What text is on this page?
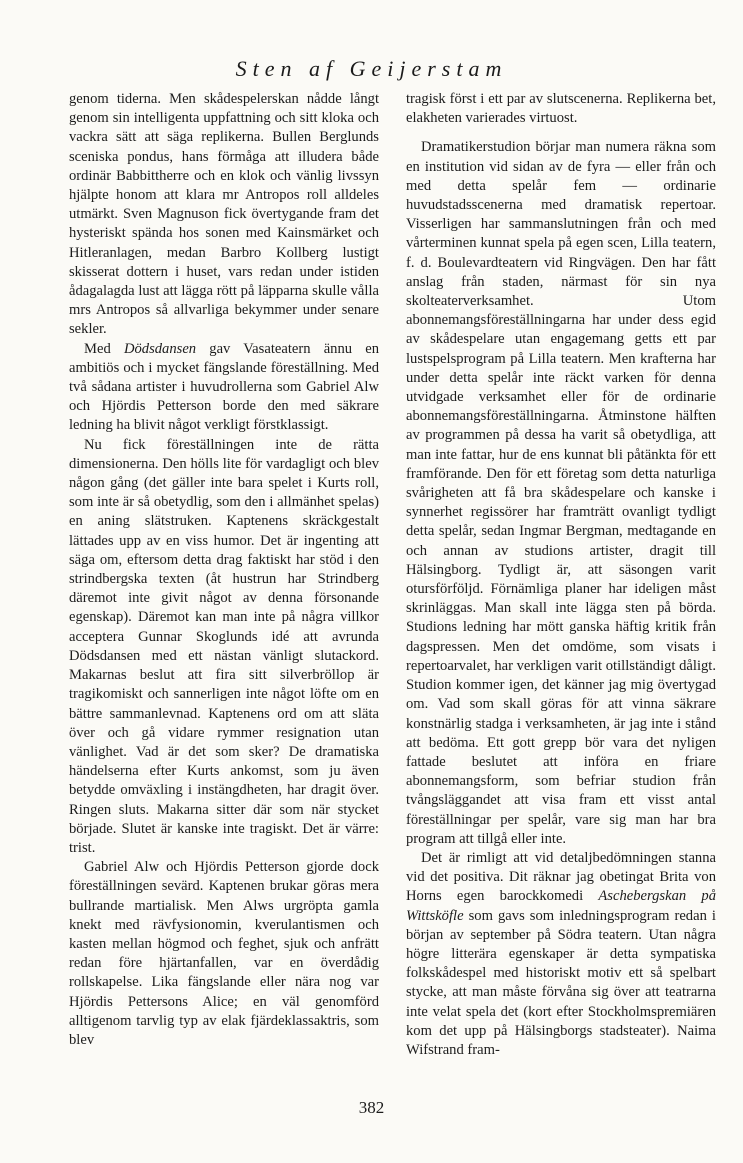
Sten af Geijerstam

genom tiderna. Men skådespelerskan nådde långt genom sin intelligenta uppfattning och sitt kloka och vackra sätt att säga replikerna. Bullen Berglunds sceniska pondus, hans förmåga att illudera både ordinär Babbittherre och en klok och vänlig livssyn hjälpte honom att klara mr Antropos roll alldeles utmärkt. Sven Magnuson fick övertygande fram det hysteriskt spända hos sonen med Kainsmärket och Hitleranlagen, medan Barbro Kollberg lustigt skisserat dottern i huset, vars redan under istiden ådagalagda lust att lägga rött på läpparna skulle vålla mrs Antropos så allvarliga bekymmer under senare sekler.

Med Dödsdansen gav Vasateatern ännu en ambitiös och i mycket fängslande föreställning. Med två sådana artister i huvudrollerna som Gabriel Alw och Hjördis Petterson borde den med säkrare ledning ha blivit något verkligt förstklassigt.

Nu fick föreställningen inte de rätta dimensionerna. Den hölls lite för vardagligt och blev någon gång (det gäller inte bara spelet i Kurts roll, som inte är så obetydlig, som den i allmänhet spelas) en aning slätstruken. Kaptenens skräckgestalt lättades upp av en viss humor. Det är ingenting att säga om, eftersom detta drag faktiskt har stöd i den strindbergska texten (åt hustrun har Strindberg däremot inte givit något av denna försonande egenskap). Däremot kan man inte på några villkor acceptera Gunnar Skoglunds idé att avrunda Dödsdansen med ett nästan vänligt slutackord. Makarnas beslut att fira sitt silverbröllop är tragikomiskt och sannerligen inte något löfte om en bättre sammanlevnad. Kaptenens ord om att släta över och gå vidare rymmer resignation utan vänlighet. Vad är det som sker? De dramatiska händelserna efter Kurts ankomst, som ju även betydde omväxling i instängdheten, har dragit över. Ringen sluts. Makarna sitter där som när stycket började. Slutet är kanske inte tragiskt. Det är värre: trist.

Gabriel Alw och Hjördis Petterson gjorde dock föreställningen sevärd. Kaptenen brukar göras mera bullrande martialisk. Men Alws urgröpta gamla knekt med rävfysionomin, kverulantismen och kasten mellan högmod och feghet, sjuk och anfrätt redan före hjärtanfallen, var en överdådig rollskapelse. Lika fängslande eller nära nog var Hjördis Pettersons Alice; en väl genomförd alltigenom tarvlig typ av elak fjärdeklassaktris, som blev

tragisk först i ett par av slutscenerna. Replikerna bet, elakheten varierades virtuost.

Dramatikerstudion börjar man numera räkna som en institution vid sidan av de fyra — eller från och med detta spelår fem — ordinarie huvudstadsscenerna med dramatisk repertoar. Visserligen har sammanslutningen från och med vårterminen kunnat spela på egen scen, Lilla teatern, f. d. Boulevardteatern vid Ringvägen. Den har fått anslag från staden, närmast för sin nya skolteaterverksamhet. Utom abonnemangsföreställningarna har under dess egid av skådespelare utan engagemang getts ett par lustspelsprogram på Lilla teatern. Men krafterna har under detta spelår inte räckt varken för denna utvidgade verksamhet eller för de ordinarie abonnemangsföreställningarna. Åtminstone hälften av programmen på dessa ha varit så obetydliga, att man inte fattar, hur de ens kunnat bli påtänkta för ett framförande. Den för ett företag som detta naturliga svårigheten att få bra skådespelare och kanske i synnerhet regissörer har framträtt ovanligt tydligt detta spelår, sedan Ingmar Bergman, medtagande en och annan av studions artister, dragit till Hälsingborg. Tydligt är, att säsongen varit otursförföljd. Förnämliga planer har ideligen måst skrinläggas. Man skall inte lägga sten på börda. Studions ledning har mött ganska häftig kritik från dagspressen. Men det omdöme, som visats i repertoarvalet, har verkligen varit otillständigt dåligt. Studion kommer igen, det känner jag mig övertygad om. Vad som skall göras för att vinna säkrare konstnärlig stadga i verksamheten, är jag inte i stånd att bedöma. Ett gott grepp bör vara det nyligen fattade beslutet att införa en friare abonnemangsform, som befriar studion från tvångsläggandet att visa fram ett visst antal föreställningar per spelår, vare sig man har bra program att tillgå eller inte.

Det är rimligt att vid detaljbedömningen stanna vid det positiva. Dit räknar jag obetingat Brita von Horns egen barockkomedi Aschebergskan på Wittsköfle som gavs som inledningsprogram redan i början av september på Södra teatern. Utan några högre litterära egenskaper är detta sympatiska folkskådespel med historiskt motiv ett så spelbart stycke, att man måste förvåna sig över att teatrarna inte velat spela det (kort efter Stockholmspremiären kom det upp på Hälsingborgs stadsteater). Naima Wifstrand fram-

382
